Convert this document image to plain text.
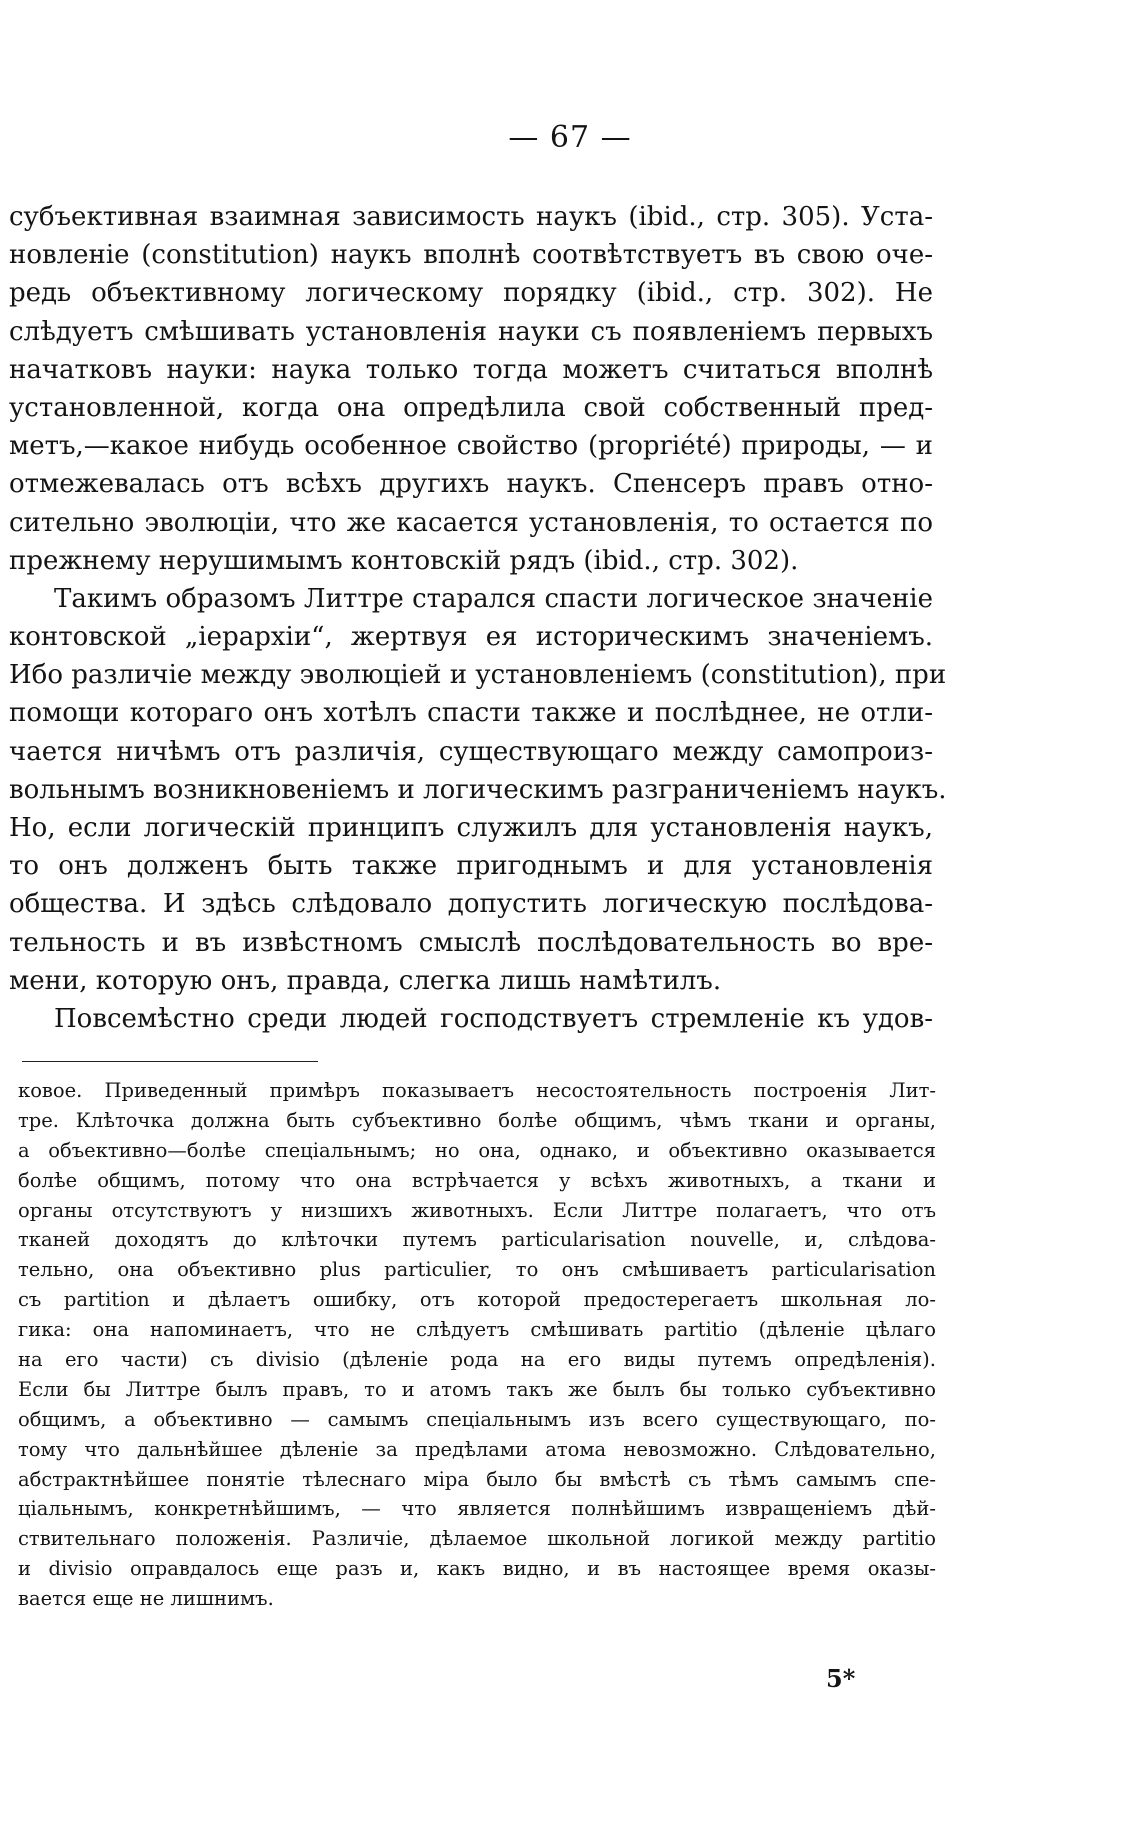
— 67 —
субъективная взаимная зависимость наукъ (ibid., стр. 305). Уста-
новленіе (constitution) наукъ вполнѣ соотвѣтствуетъ въ свою оче-
редь объективному логическому порядку (ibid., стр. 302). Не
слѣдуетъ смѣшивать установленія науки съ появленіемъ первыхъ
начатковъ науки: наука только тогда можетъ считаться вполнѣ
установленной, когда она опредѣлила свой собственный пред-
метъ,—какое нибудь особенное свойство (propriété) природы, — и
отмежевалась отъ всѣхъ другихъ наукъ. Спенсеръ правъ отно-
сительно эволюціи, что же касается установленія, то остается по
прежнему нерушимымъ контовскій рядъ (ibid., стр. 302).
Такимъ образомъ Литтре старался спасти логическое значеніе
контовской „іерархіи“, жертвуя ея историческимъ значеніемъ.
Ибо различіе между эволюціей и установленіемъ (constitution), при
помощи котораго онъ хотѣлъ спасти также и послѣднее, не отли-
чается ничѣмъ отъ различія, существующаго между самопроиз-
вольнымъ возникновеніемъ и логическимъ разграниченіемъ наукъ.
Но, если логическій принципъ служилъ для установленія наукъ,
то онъ долженъ быть также пригоднымъ и для установленія
общества. И здѣсь слѣдовало допустить логическую послѣдова-
тельность и въ извѣстномъ смыслѣ послѣдовательность во вре-
мени, которую онъ, правда, слегка лишь намѣтилъ.
Повсемѣстно среди людей господствуетъ стремленіе къ удов-
ковое. Приведенный примѣръ показываетъ несостоятельность построенія Лит-
тре. Клѣточка должна быть субъективно болѣе общимъ, чѣмъ ткани и органы,
а объективно—болѣе спеціальнымъ; но она, однако, и объективно оказывается
болѣе общимъ, потому что она встрѣчается у всѣхъ животныхъ, а ткани и
органы отсутствуютъ у низшихъ животныхъ. Если Литтре полагаетъ, что отъ
тканей доходятъ до клѣточки путемъ particularisation nouvelle, и, слѣдова-
тельно, она объективно plus particulier, то онъ смѣшиваетъ particularisation
съ partition и дѣлаетъ ошибку, отъ которой предостерегаетъ школьная ло-
гика: она напоминаетъ, что не слѣдуетъ смѣшивать partitio (дѣленіе цѣлаго
на его части) съ divisio (дѣленіе рода на его виды путемъ опредѣленія).
Если бы Литтре былъ правъ, то и атомъ такъ же былъ бы только субъективно
общимъ, а объективно — самымъ спеціальнымъ изъ всего существующаго, по-
тому что дальнѣйшее дѣленіе за предѣлами атома невозможно. Слѣдовательно,
абстрактнѣйшее понятіе тѣлеснаго міра было бы вмѣстѣ съ тѣмъ самымъ спе-
ціальнымъ, конкретнѣйшимъ, — что является полнѣйшимъ извращеніемъ дѣй-
ствительнаго положенія. Различіе, дѣлаемое школьной логикой между partitio
и divisio оправдалось еще разъ и, какъ видно, и въ настоящее время оказы-
вается еще не лишнимъ.
5*
